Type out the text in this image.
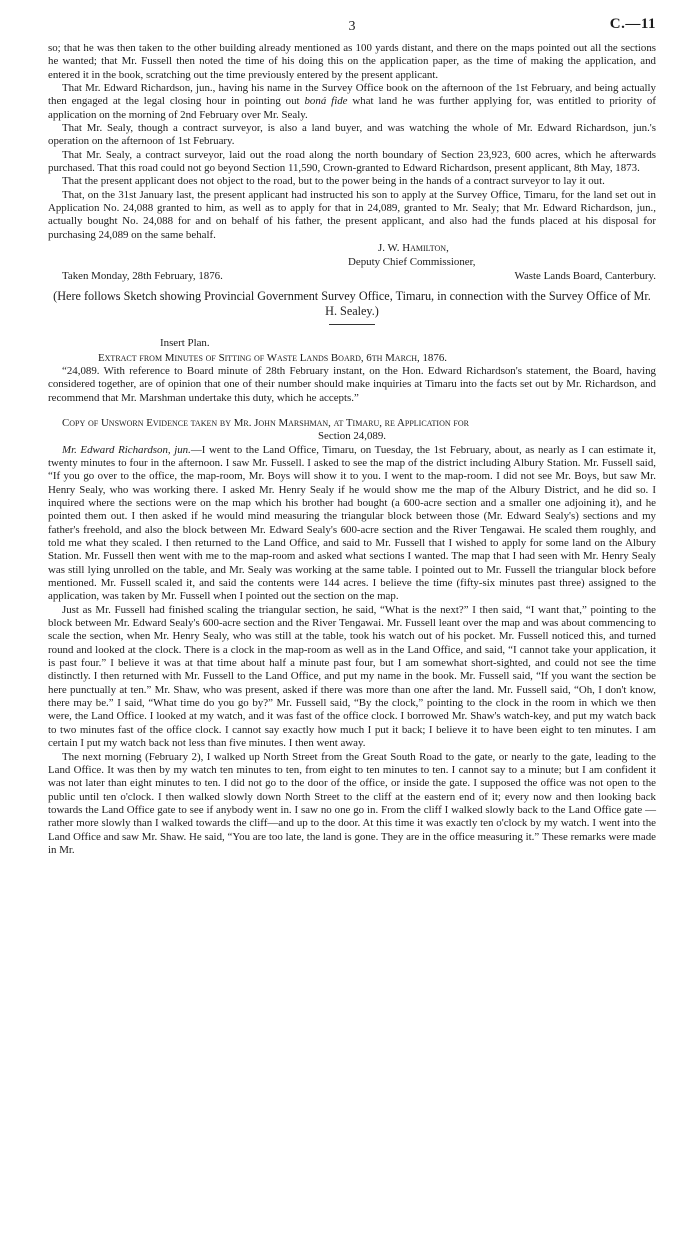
3	C.—11

so; that he was then taken to the other building already mentioned as 100 yards distant, and there on the maps pointed out all the sections he wanted; that Mr. Fussell then noted the time of his doing this on the application paper, as the time of making the application, and entered it in the book, scratching out the time previously entered by the present applicant.

That Mr. Edward Richardson, jun., having his name in the Survey Office book on the afternoon of the 1st February, and being actually then engaged at the legal closing hour in pointing out boná fide what land he was further applying for, was entitled to priority of application on the morning of 2nd February over Mr. Sealy.

That Mr. Sealy, though a contract surveyor, is also a land buyer, and was watching the whole of Mr. Edward Richardson, jun.'s operation on the afternoon of 1st February.

That Mr. Sealy, a contract surveyor, laid out the road along the north boundary of Section 23,923, 600 acres, which he afterwards purchased. That this road could not go beyond Section 11,590, Crown-granted to Edward Richardson, present applicant, 8th May, 1873.

That the present applicant does not object to the road, but to the power being in the hands of a contract surveyor to lay it out.

That, on the 31st January last, the present applicant had instructed his son to apply at the Survey Office, Timaru, for the land set out in Application No. 24,088 granted to him, as well as to apply for that in 24,089, granted to Mr. Sealy; that Mr. Edward Richardson, jun., actually bought No. 24,088 for and on behalf of his father, the present applicant, and also had the funds placed at his disposal for purchasing 24,089 on the same behalf.

J. W. Hamilton,
Deputy Chief Commissioner,
Taken Monday, 28th February, 1876.	Waste Lands Board, Canterbury.

(Here follows Sketch showing Provincial Government Survey Office, Timaru, in connection with the Survey Office of Mr. H. Sealey.)

Insert Plan.
Extract from Minutes of Sitting of Waste Lands Board, 6th March, 1876.

“24,089. With reference to Board minute of 28th February instant, on the Hon. Edward Richardson's statement, the Board, having considered together, are of opinion that one of their number should make inquiries at Timaru into the facts set out by Mr. Richardson, and recommend that Mr. Marshman undertake this duty, which he accepts.”

Copy of Unsworn Evidence taken by Mr. John Marshman, at Timaru, re Application for
Section 24,089.

Mr. Edward Richardson, jun.—I went to the Land Office, Timaru, on Tuesday, the 1st February, about, as nearly as I can estimate it, twenty minutes to four in the afternoon. I saw Mr. Fussell. I asked to see the map of the district including Albury Station. Mr. Fussell said, “If you go over to the office, the map-room, Mr. Boys will show it to you. I went to the map-room. I did not see Mr. Boys, but saw Mr. Henry Sealy, who was working there. I asked Mr. Henry Sealy if he would show me the map of the Albury District, and he did so. I inquired where the sections were on the map which his brother had bought (a 600-acre section and a smaller one adjoining it), and he pointed them out. I then asked if he would mind measuring the triangular block between those (Mr. Edward Sealy's) sections and my father's freehold, and also the block between Mr. Edward Sealy's 600-acre section and the River Tengawai. He scaled them roughly, and told me what they scaled. I then returned to the Land Office, and said to Mr. Fussell that I wished to apply for some land on the Albury Station. Mr. Fussell then went with me to the map-room and asked what sections I wanted. The map that I had seen with Mr. Henry Sealy was still lying unrolled on the table, and Mr. Sealy was working at the same table. I pointed out to Mr. Fussell the triangular block before mentioned. Mr. Fussell scaled it, and said the contents were 144 acres. I believe the time (fifty-six minutes past three) assigned to the application, was taken by Mr. Fussell when I pointed out the section on the map.

Just as Mr. Fussell had finished scaling the triangular section, he said, “What is the next?” I then said, “I want that,” pointing to the block between Mr. Edward Sealy's 600-acre section and the River Tengawai. Mr. Fussell leant over the map and was about commencing to scale the section, when Mr. Henry Sealy, who was still at the table, took his watch out of his pocket. Mr. Fussell noticed this, and turned round and looked at the clock. There is a clock in the map-room as well as in the Land Office, and said, “I cannot take your application, it is past four.” I believe it was at that time about half a minute past four, but I am somewhat short-sighted, and could not see the time distinctly. I then returned with Mr. Fussell to the Land Office, and put my name in the book. Mr. Fussell said, “If you want the section be here punctually at ten.” Mr. Shaw, who was present, asked if there was more than one after the land. Mr. Fussell said, “Oh, I don't know, there may be.” I said, “What time do you go by?” Mr. Fussell said, “By the clock,” pointing to the clock in the room in which we then were, the Land Office. I looked at my watch, and it was fast of the office clock. I borrowed Mr. Shaw's watch-key, and put my watch back to two minutes fast of the office clock. I cannot say exactly how much I put it back; I believe it to have been eight to ten minutes. I am certain I put my watch back not less than five minutes. I then went away.

The next morning (February 2), I walked up North Street from the Great South Road to the gate, or nearly to the gate, leading to the Land Office. It was then by my watch ten minutes to ten, from eight to ten minutes to ten. I cannot say to a minute; but I am confident it was not later than eight minutes to ten. I did not go to the door of the office, or inside the gate. I supposed the office was not open to the public until ten o'clock. I then walked slowly down North Street to the cliff at the eastern end of it; every now and then looking back towards the Land Office gate to see if anybody went in. I saw no one go in. From the cliff I walked slowly back to the Land Office gate —rather more slowly than I walked towards the cliff—and up to the door. At this time it was exactly ten o'clock by my watch. I went into the Land Office and saw Mr. Shaw. He said, “You are too late, the land is gone. They are in the office measuring it.” These remarks were made in Mr.
